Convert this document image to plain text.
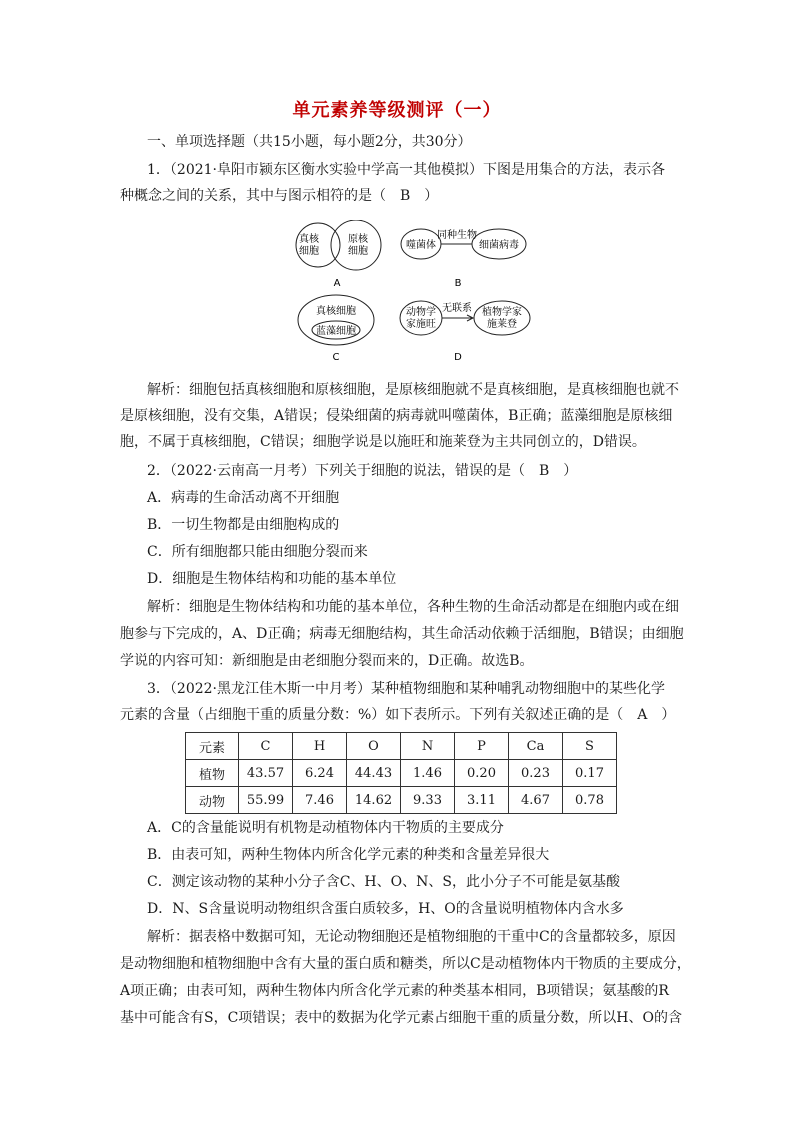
单元素养等级测评（一）
一、单项选择题（共15小题，每小题2分，共30分）
1．（2021·阜阳市颍东区衡水实验中学高一其他模拟）下图是用集合的方法，表示各
种概念之间的关系，其中与图示相符的是（　B　）
真核
细胞
原核
细胞
A
噬菌体
同种生物
细菌病毒
B
真核细胞
蓝藻细胞
C
动物学
家施旺
无联系 植物学家
施莱登
D
解析：细胞包括真核细胞和原核细胞，是原核细胞就不是真核细胞，是真核细胞也就不
是原核细胞，没有交集，A错误；侵染细菌的病毒就叫噬菌体，B正确；蓝藻细胞是原核细
胞，不属于真核细胞，C错误；细胞学说是以施旺和施莱登为主共同创立的，D错误。
2．（2022·云南高一月考）下列关于细胞的说法，错误的是（　B　）
A．病毒的生命活动离不开细胞
B．一切生物都是由细胞构成的
C．所有细胞都只能由细胞分裂而来
D．细胞是生物体结构和功能的基本单位
解析：细胞是生物体结构和功能的基本单位，各种生物的生命活动都是在细胞内或在细
胞参与下完成的，A、D正确；病毒无细胞结构，其生命活动依赖于活细胞，B错误；由细胞
学说的内容可知：新细胞是由老细胞分裂而来的，D正确。故选B。
3．（2022·黑龙江佳木斯一中月考）某种植物细胞和某种哺乳动物细胞中的某些化学
元素的含量（占细胞干重的质量分数：%）如下表所示。下列有关叙述正确的是（　A　）
元素	C	H	O	N	P	Ca	S
植物	43.57	6.24	44.43	1.46	0.20	0.23	0.17
动物	55.99	7.46	14.62	9.33	3.11	4.67	0.78
A．C的含量能说明有机物是动植物体内干物质的主要成分
B．由表可知，两种生物体内所含化学元素的种类和含量差异很大
C．测定该动物的某种小分子含C、H、O、N、S，此小分子不可能是氨基酸
D．N、S含量说明动物组织含蛋白质较多，H、O的含量说明植物体内含水多
解析：据表格中数据可知，无论动物细胞还是植物细胞的干重中C的含量都较多，原因
是动物细胞和植物细胞中含有大量的蛋白质和糖类，所以C是动植物体内干物质的主要成分，
A项正确；由表可知，两种生物体内所含化学元素的种类基本相同，B项错误；氨基酸的R
基中可能含有S，C项错误；表中的数据为化学元素占细胞干重的质量分数，所以H、O的含
